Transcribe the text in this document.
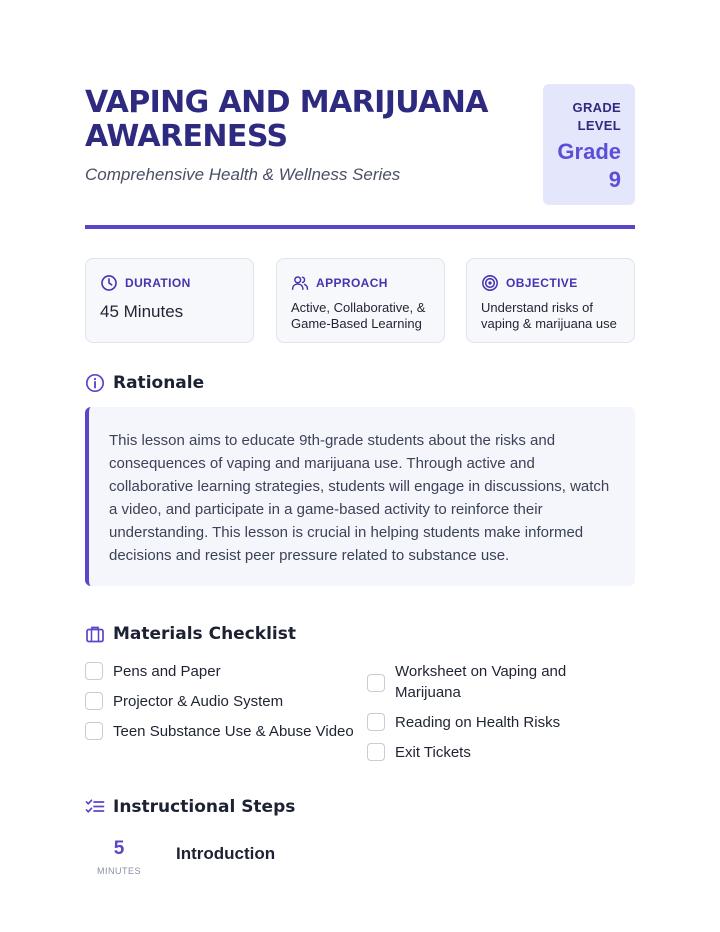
VAPING AND MARIJUANA AWARENESS
Comprehensive Health & Wellness Series
GRADE
LEVEL
Grade
9
DURATION
45 Minutes
APPROACH
Active, Collaborative, & Game-Based Learning
OBJECTIVE
Understand risks of vaping & marijuana use
Rationale

This lesson aims to educate 9th-grade students about the risks and consequences of vaping and marijuana use. Through active and collaborative learning strategies, students will engage in discussions, watch a video, and participate in a game-based activity to reinforce their understanding. This lesson is crucial in helping students make informed decisions and resist peer pressure related to substance use.

Materials Checklist
Pens and Paper
Projector & Audio System
Teen Substance Use & Abuse Video
Worksheet on Vaping and Marijuana
Reading on Health Risks
Exit Tickets
Instructional Steps
5
MINUTES
Introduction
